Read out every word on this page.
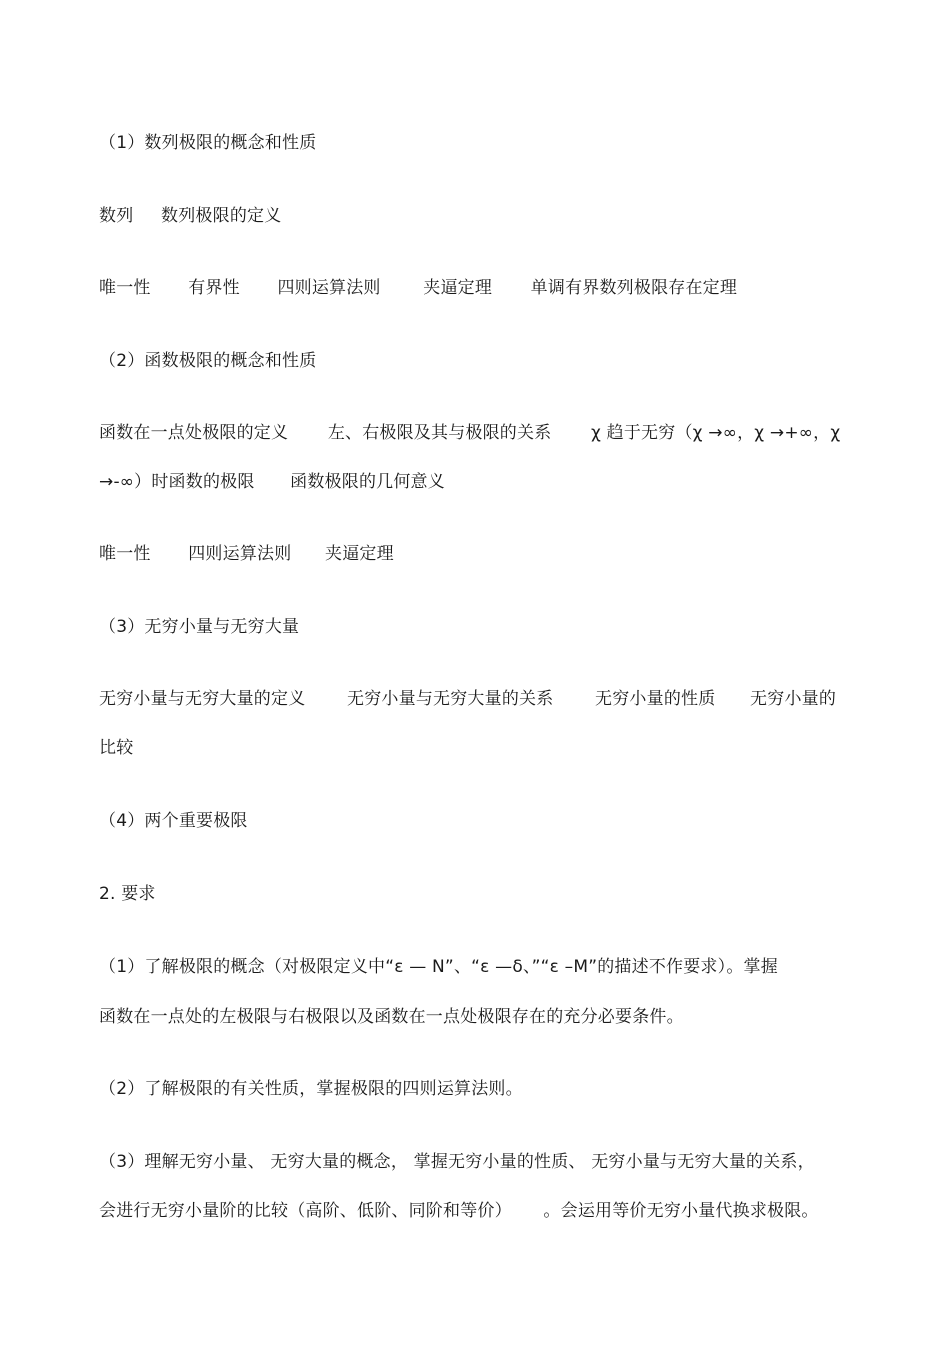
（1）数列极限的概念和性质
数列 数列极限的定义
唯一性 有界性 四则运算法则	夹逼定理 单调有界数列极限存在定理
（2）函数极限的概念和性质
函数在一点处极限的定义 左、右极限及其与极限的关系 χ 趋于无穷（χ →∞，χ →+∞，χ
→-∞）时函数的极限 函数极限的几何意义
唯一性 四则运算法则 夹逼定理
（3）无穷小量与无穷大量
无穷小量与无穷大量的定义 无穷小量与无穷大量的关系 无穷小量的性质 无穷小量的
比较
（4）两个重要极限
2. 要求
（1）了解极限的概念（对极限定义中“ε — N”、“ε —δ、”“ε –M”的描述不作要求）。掌握
函数在一点处的左极限与右极限以及函数在一点处极限存在的充分必要条件。
（2）了解极限的有关性质，掌握极限的四则运算法则。
（3）理解无穷小量、 无穷大量的概念， 掌握无穷小量的性质、 无穷小量与无穷大量的关系，
会进行无穷小量阶的比较（高阶、低阶、同阶和等价） 。会运用等价无穷小量代换求极限。
